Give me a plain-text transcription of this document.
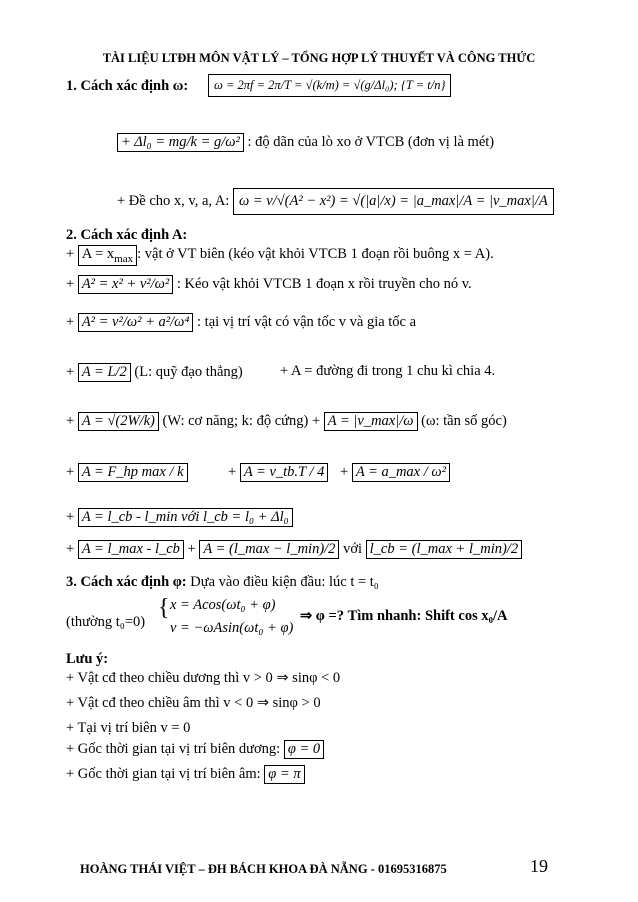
TÀI LIỆU LTĐH MÔN VẬT LÝ – TỔNG HỢP LÝ THUYẾT VÀ CÔNG THỨC
1. Cách xác định ω:	ω = 2πf = 2π/T = √(k/m) = √(g/Δl₀); {T = t/n}
+ Δl₀ = mg/k = g/ω² : độ dãn của lò xo ở VTCB (đơn vị là mét)
+ Đề cho x, v, a, A: ω = v/√(A² − x²) = √(|a|/x) = |a_max|/A = |v_max|/A
2. Cách xác định A:
+ $A = x_{max}$ : vật ở VT biên (kéo vật khỏi VTCB 1 đoạn rồi buông x = A).
+ A² = x² + v²/ω² : Kéo vật khỏi VTCB 1 đoạn x rồi truyền cho nó v.
+ A² = v²/ω² + a²/ω⁴ : tại vị trí vật có vận tốc v và gia tốc a
+ A = L/2 (L: quỹ đạo thẳng)	+ A = đường đi trong 1 chu kì chia 4.
+ A = √(2W/k) (W: cơ năng; k: độ cứng) + A = |v_max|/ω (ω: tần số góc)
+ A = F_hp max / k	+ A = v_tb.T / 4 + A = a_max / ω²
+ A = l_cb - l_min với l_cb = l₀ + Δl₀
+ A = l_max - l_cb + A = (l_max − l_min)/2 với l_cb = (l_max + l_min)/2
3. Cách xác định φ: Dựa vào điều kiện đầu: lúc t = t₀
(thường t₀=0)
{ x = Acos(ωt₀ + φ)
v = −ωAsin(ωt₀ + φ)
⇒ φ =? Tìm nhanh: Shift cos x₀/A
Lưu ý:
+ Vật cđ theo chiều dương thì v > 0 ⇒ sinφ < 0
+ Vật cđ theo chiều âm thì v < 0 ⇒ sinφ > 0
+ Tại vị trí biên v = 0
+ Gốc thời gian tại vị trí biên dương: φ = 0
+ Gốc thời gian tại vị trí biên âm: φ = π
HOÀNG THÁI VIỆT – ĐH BÁCH KHOA ĐÀ NẴNG - 01695316875	19
